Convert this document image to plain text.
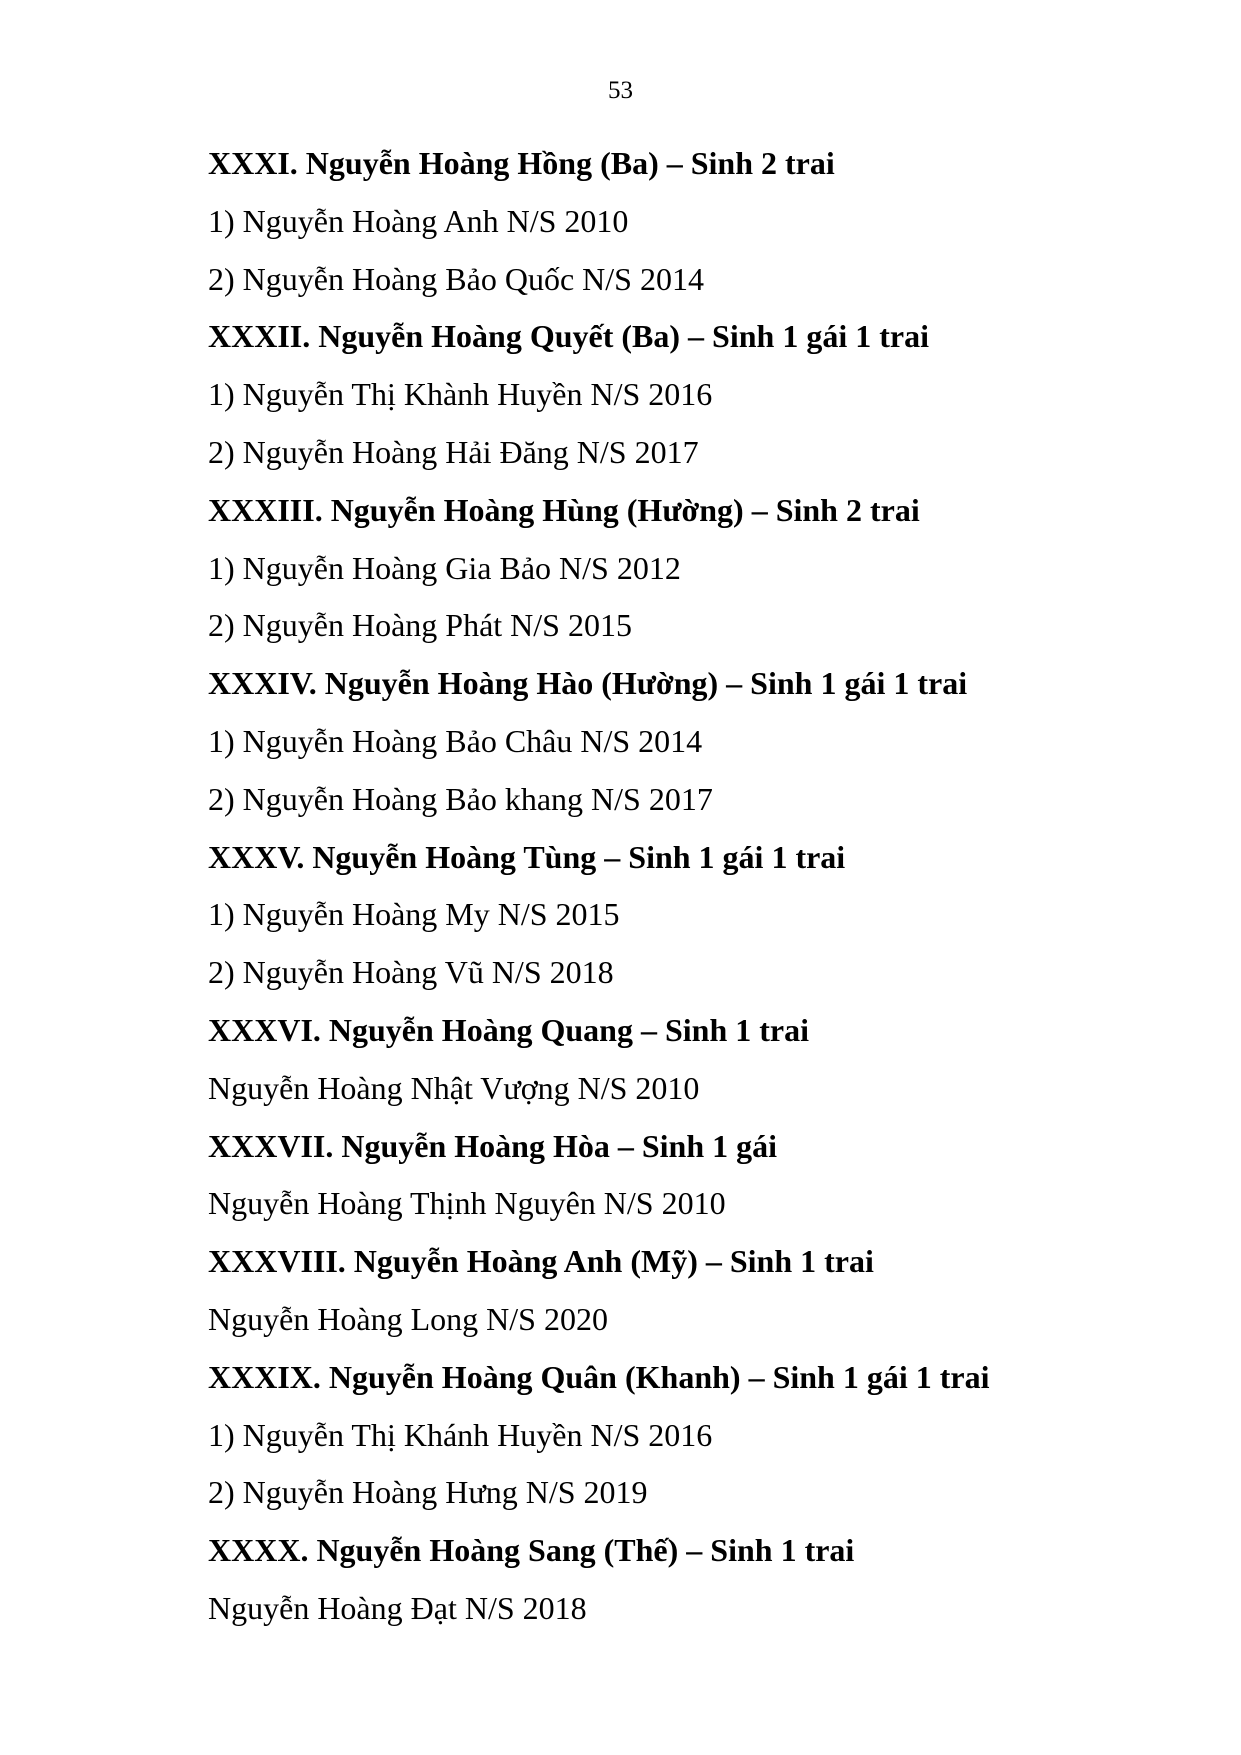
53
XXXI. Nguyễn Hoàng Hồng (Ba) – Sinh 2 trai
1) Nguyễn Hoàng Anh N/S 2010
2) Nguyễn Hoàng Bảo Quốc N/S 2014
XXXII. Nguyễn Hoàng Quyết (Ba) – Sinh 1 gái 1 trai
1) Nguyễn Thị Khành Huyền N/S 2016
2) Nguyễn Hoàng Hải Đăng N/S 2017
XXXIII. Nguyễn Hoàng Hùng (Hường) – Sinh 2 trai
1) Nguyễn Hoàng Gia Bảo N/S 2012
2) Nguyễn Hoàng Phát N/S 2015
XXXIV. Nguyễn Hoàng Hào (Hường) – Sinh 1 gái 1 trai
1) Nguyễn Hoàng Bảo Châu N/S 2014
2) Nguyễn Hoàng Bảo khang N/S 2017
XXXV. Nguyễn Hoàng Tùng – Sinh 1 gái 1 trai
1) Nguyễn Hoàng My N/S 2015
2) Nguyễn Hoàng Vũ N/S 2018
XXXVI. Nguyễn Hoàng Quang – Sinh 1 trai
Nguyễn Hoàng Nhật Vượng N/S 2010
XXXVII. Nguyễn Hoàng Hòa – Sinh 1 gái
Nguyễn Hoàng Thịnh Nguyên N/S 2010
XXXVIII. Nguyễn Hoàng Anh (Mỹ) – Sinh 1 trai
Nguyễn Hoàng Long N/S 2020
XXXIX. Nguyễn Hoàng Quân (Khanh) – Sinh 1 gái 1 trai
1) Nguyễn Thị Khánh Huyền N/S 2016
2) Nguyễn Hoàng Hưng N/S 2019
XXXX. Nguyễn Hoàng Sang (Thế) – Sinh 1 trai
Nguyễn Hoàng Đạt N/S 2018
